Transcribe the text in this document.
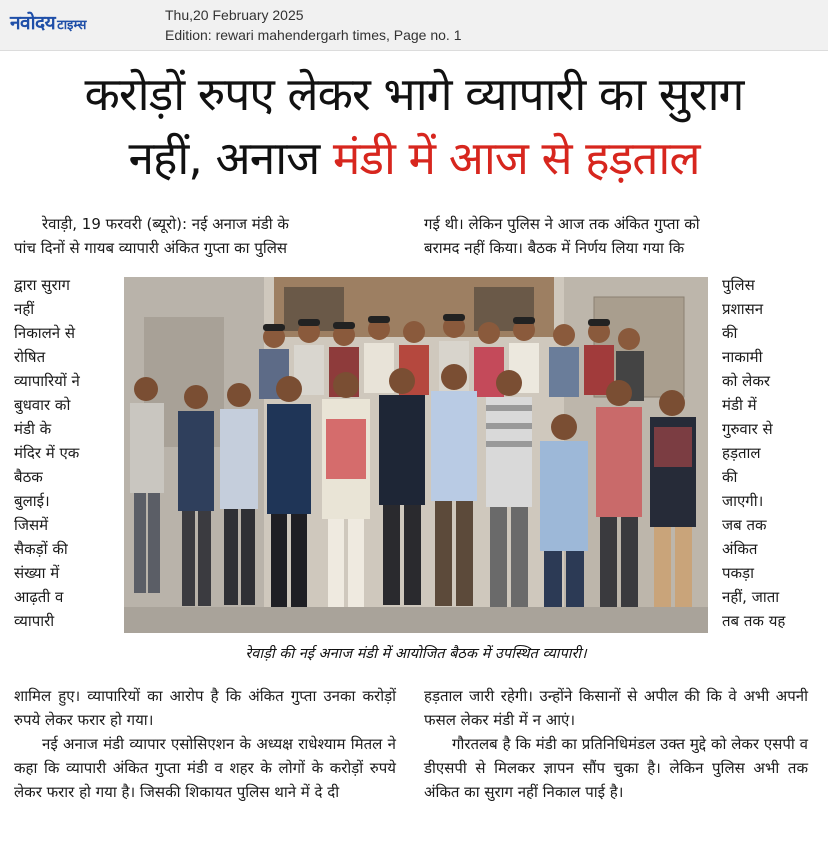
नवोदय टाइम्स
Thu,20 February 2025
Edition: rewari mahendergarh times, Page no. 1
करोड़ों रुपए लेकर भागे व्यापारी का सुराग
नहीं, अनाज मंडी में आज से हड़ताल

रेवाड़ी, 19 फरवरी (ब्यूरो): नई अनाज मंडी के

पांच दिनों से गायब व्यापारी अंकित गुप्ता का पुलिस

द्वारा सुराग
नहीं
निकालने से
रोषित
व्यापारियों ने
बुधवार को
मंडी के
मंदिर में एक
बैठक
बुलाई।
जिसमें
सैकड़ों की
संख्या में
आढ़ती व
व्यापारी

शामिल हुए। व्यापारियों का आरोप है कि अंकित गुप्ता उनका करोड़ों रुपये लेकर फरार हो गया।

नई अनाज मंडी व्यापार एसोसिएशन के अध्यक्ष राधेश्याम मितल ने कहा कि व्यापारी अंकित गुप्ता मंडी व शहर के लोगों के करोड़ों रुपये लेकर फरार हो गया है। जिसकी शिकायत पुलिस थाने में दे दी

गई थी। लेकिन पुलिस ने आज तक अंकित गुप्ता को

बरामद नहीं किया। बैठक में निर्णय लिया गया कि

पुलिस
प्रशासन
की
नाकामी
को लेकर
मंडी में
गुरुवार से
हड़ताल
की
जाएगी।
जब तक
अंकित
पकड़ा
नहीं, जाता
तब तक यह

हड़ताल जारी रहेगी। उन्होंने किसानों से अपील की कि वे अभी अपनी फसल लेकर मंडी में न आएं।

गौरतलब है कि मंडी का प्रतिनिधिमंडल उक्त मुद्दे को लेकर एसपी व डीएसपी से मिलकर ज्ञापन सौंप चुका है। लेकिन पुलिस अभी तक अंकित का सुराग नहीं निकाल पाई है।

रेवाड़ी की नई अनाज मंडी में आयोजित बैठक में उपस्थित व्यापारी।
